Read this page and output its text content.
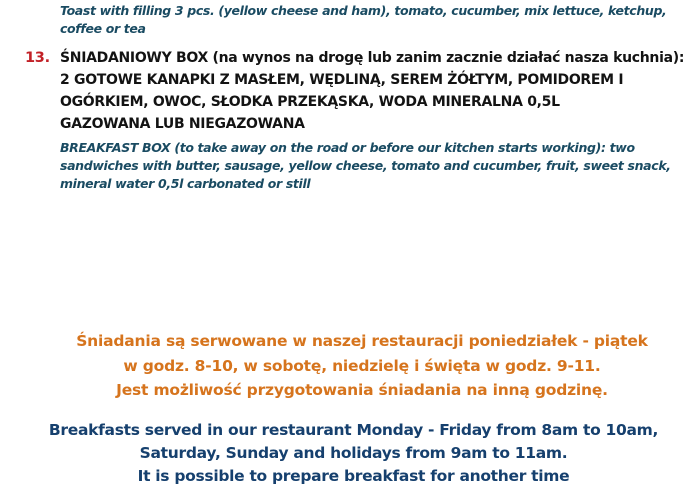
Toast with filling 3 pcs. (yellow cheese and ham), tomato, cucumber, mix lettuce, ketchup,
coffee or tea
13. ŚNIADANIOWY BOX (na wynos na drogę lub zanim zacznie działać nasza kuchnia):
2 GOTOWE KANAPKI Z MASŁEM, WĘDLINĄ, SEREM ŻÓŁTYM, POMIDOREM I
OGÓRKIEM, OWOC, SŁODKA PRZEKĄSKA, WODA MINERALNA 0,5L
GAZOWANA LUB NIEGAZOWANA
BREAKFAST BOX (to take away on the road or before our kitchen starts working): two
sandwiches with butter, sausage, yellow cheese, tomato and cucumber, fruit, sweet snack,
mineral water 0,5l carbonated or still
Śniadania są serwowane w naszej restauracji poniedziałek - piątek
w godz. 8-10, w sobotę, niedzielę i święta w godz. 9-11.
Jest możliwość przygotowania śniadania na inną godzinę.
Breakfasts served in our restaurant Monday - Friday from 8am to 10am,
Saturday, Sunday and holidays from 9am to 11am.
It is possible to prepare breakfast for another time
